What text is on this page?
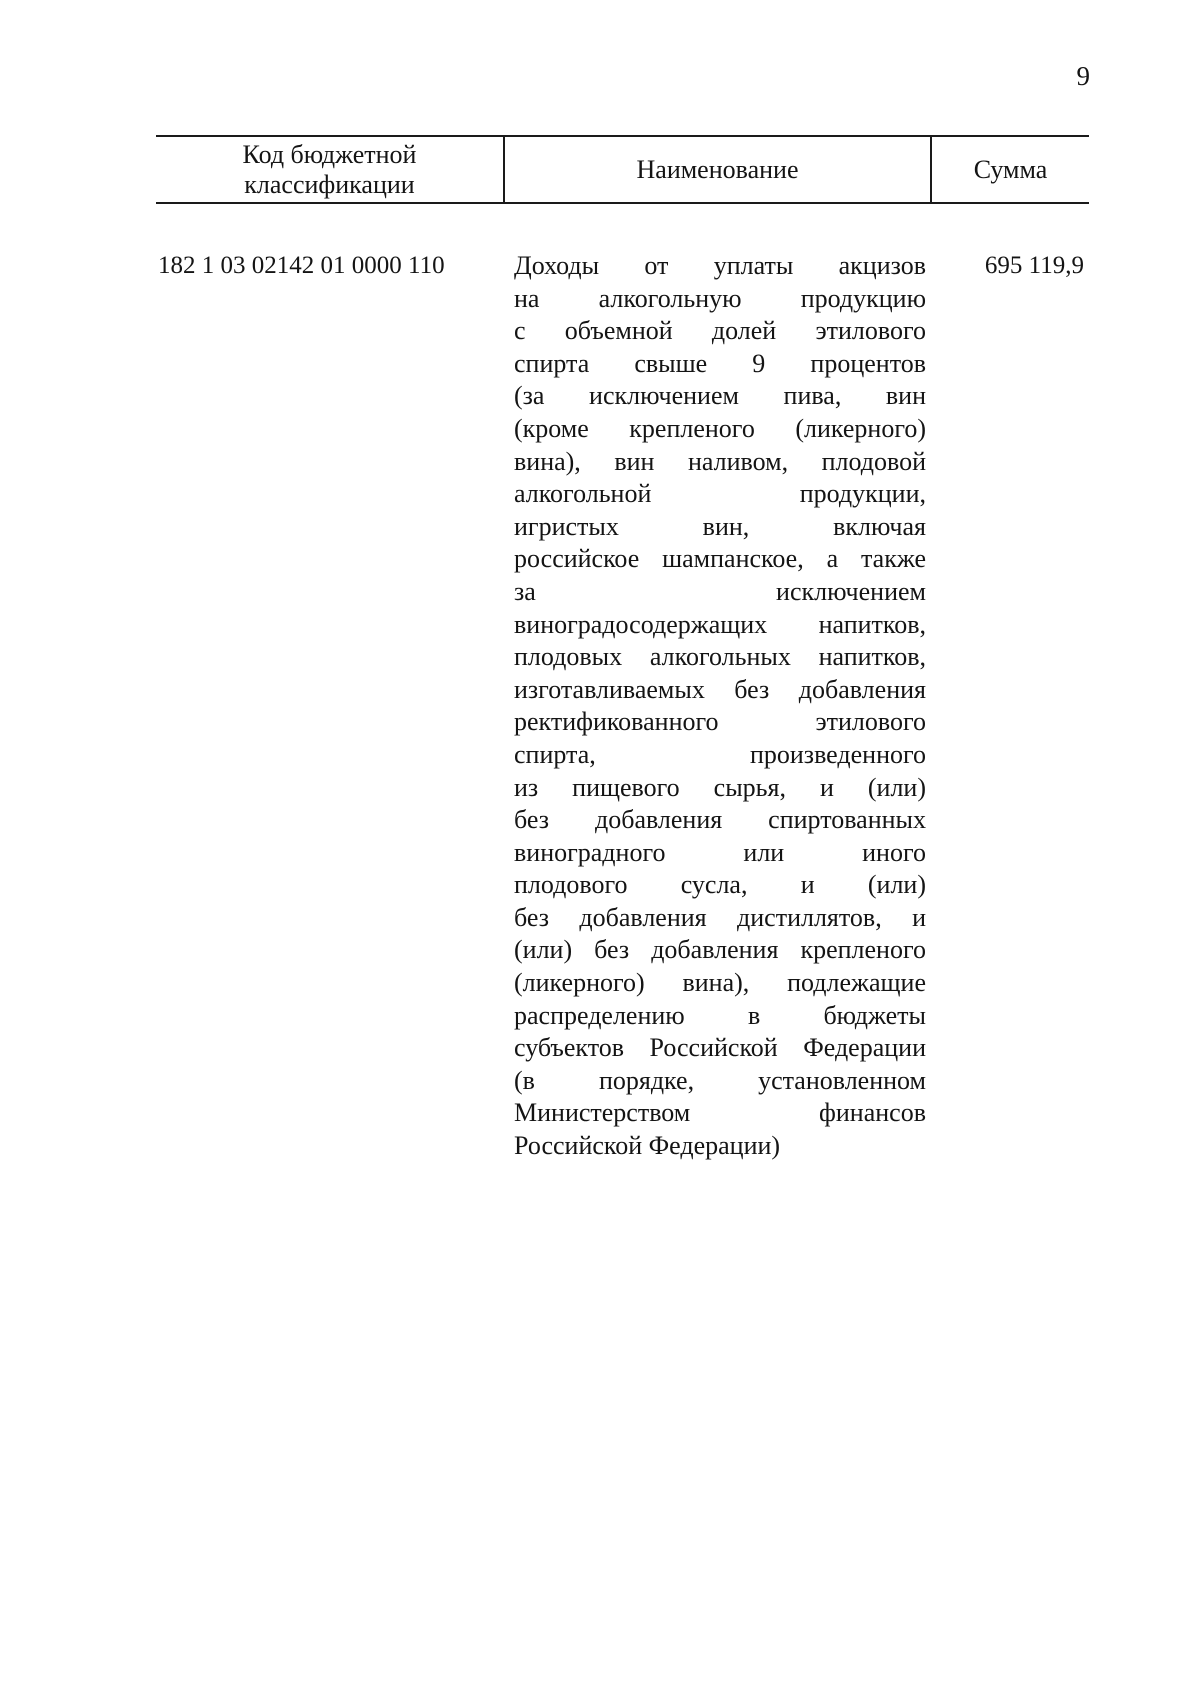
9
Код бюджетной классификации
Наименование	Сумма
182 1 03 02142 01 0000 110	Доходы от уплаты акцизов
на алкогольную продукцию
с объемной долей этилового
спирта свыше 9 процентов
(за исключением пива, вин
(кроме крепленого (ликерного)
вина), вин наливом, плодовой
алкогольной продукции,
игристых вин, включая
российское шампанское, а также
за исключением
виноградосодержащих напитков,
плодовых алкогольных напитков,
изготавливаемых без добавления
ректификованного этилового
спирта, произведенного
из пищевого сырья, и (или)
без добавления спиртованных
виноградного или иного
плодового сусла, и (или)
без добавления дистиллятов, и
(или) без добавления крепленого
(ликерного) вина), подлежащие
распределению в бюджеты
субъектов Российской Федерации
(в порядке, установленном
Министерством финансов
Российской Федерации)
695 119,9
